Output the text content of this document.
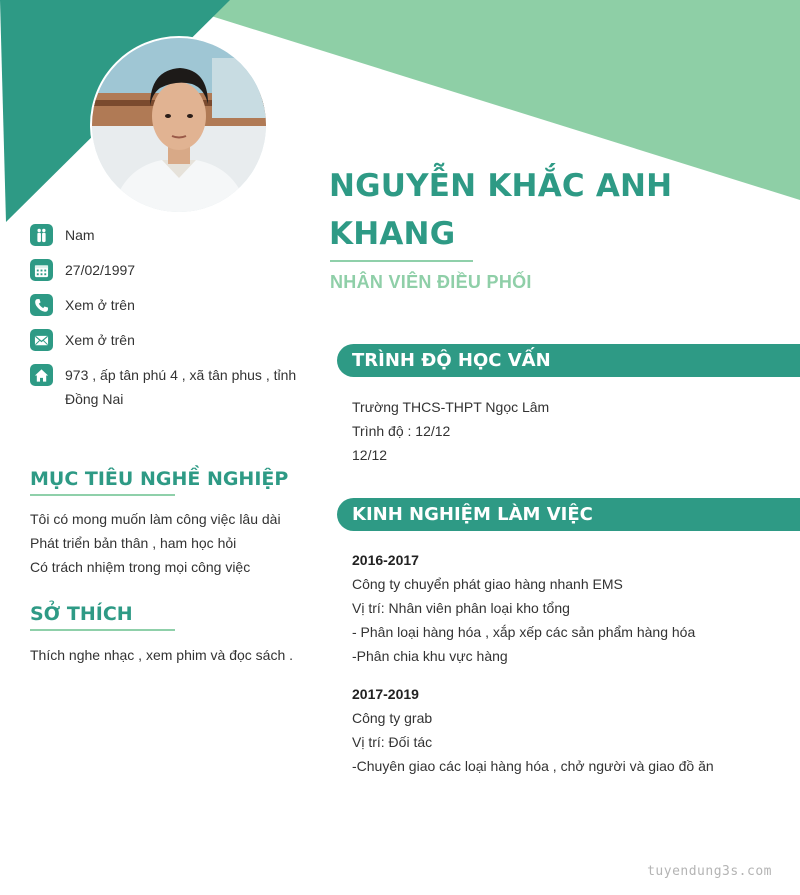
NGUYỄN KHẮC ANH KHANG
NHÂN VIÊN ĐIỀU PHỐI
Nam
27/02/1997
Xem ở trên
Xem ở trên
973 , ấp tân phú 4 , xã tân phus , tỉnh Đồng Nai
MỤC TIÊU NGHỀ NGHIỆP
Tôi có mong muốn làm công việc lâu dài
Phát triển bản thân , ham học hỏi
Có trách nhiệm trong mọi công việc
SỞ THÍCH
Thích nghe nhạc , xem phim và đọc sách .
TRÌNH ĐỘ HỌC VẤN
Trường THCS-THPT Ngọc Lâm
Trình độ : 12/12
12/12
KINH NGHIỆM LÀM VIỆC
2016-2017
Công ty chuyển phát giao hàng nhanh EMS
Vị trí: Nhân viên phân loại kho tổng
- Phân loại hàng hóa , xắp xếp các sản phẩm hàng hóa
-Phân chia khu vực hàng
2017-2019
Công ty grab
Vị trí: Đối tác
-Chuyên giao các loại hàng hóa , chở người và giao đồ ăn
tuyendung3s.com
